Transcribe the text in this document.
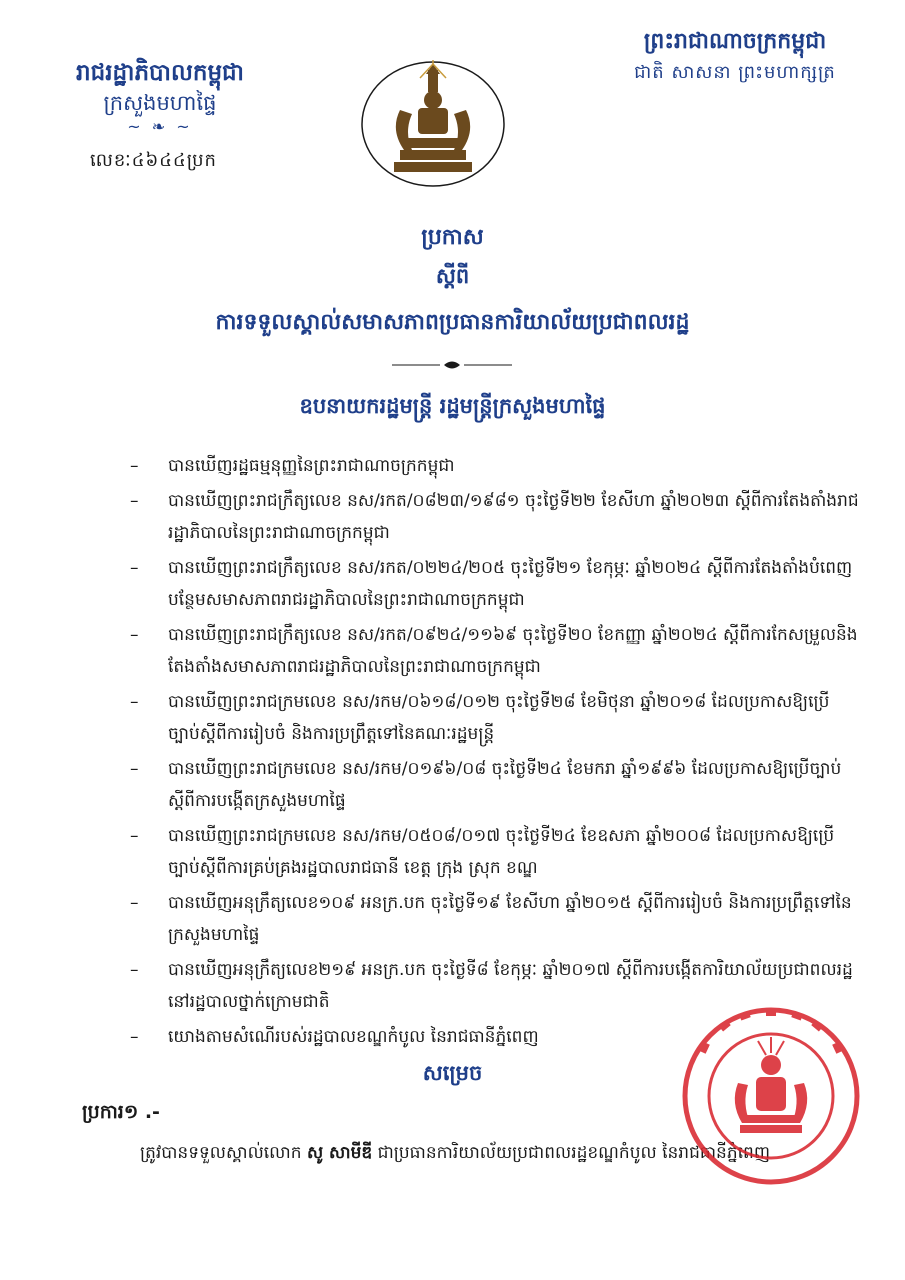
រាជរដ្ឋាភិបាលកម្ពុជា
ក្រសួងមហាផ្ទៃ
~ ❧ ~
លេខៈ៤៦៤៤ប្រក
ព្រះរាជាណាចក្រកម្ពុជា
ជាតិ សាសនា ព្រះមហាក្សត្រ
ប្រកាស
ស្ដីពី
ការទទួលស្គាល់សមាសភាពប្រធានការិយាល័យប្រជាពលរដ្ឋ
ឧបនាយករដ្ឋមន្ត្រី រដ្ឋមន្ត្រីក្រសួងមហាផ្ទៃ
– បានឃើញរដ្ឋធម្មនុញ្ញនៃព្រះរាជាណាចក្រកម្ពុជា
– បានឃើញព្រះរាជក្រឹត្យលេខ នស/រកត/០៨២៣/១៩៨១ ចុះថ្ងៃទី២២ ខែសីហា ឆ្នាំ២០២៣ ស្ដីពីការតែងតាំងរាជរដ្ឋាភិបាលនៃព្រះរាជាណាចក្រកម្ពុជា
– បានឃើញព្រះរាជក្រឹត្យលេខ នស/រកត/០២២៤/២០៥ ចុះថ្ងៃទី២១ ខែកុម្ភៈ ឆ្នាំ២០២៤ ស្ដីពីការតែងតាំងបំពេញបន្ថែមសមាសភាពរាជរដ្ឋាភិបាលនៃព្រះរាជាណាចក្រកម្ពុជា
– បានឃើញព្រះរាជក្រឹត្យលេខ នស/រកត/០៩២៤/១១៦៩ ចុះថ្ងៃទី២០ ខែកញ្ញា ឆ្នាំ២០២៤ ស្ដីពីការកែសម្រួលនិងតែងតាំងសមាសភាពរាជរដ្ឋាភិបាលនៃព្រះរាជាណាចក្រកម្ពុជា
– បានឃើញព្រះរាជក្រមលេខ នស/រកម/០៦១៨/០១២ ចុះថ្ងៃទី២៨ ខែមិថុនា ឆ្នាំ២០១៨ ដែលប្រកាសឱ្យប្រើច្បាប់ស្ដីពីការរៀបចំ និងការប្រព្រឹត្តទៅនៃគណៈរដ្ឋមន្ត្រី
– បានឃើញព្រះរាជក្រមលេខ នស/រកម/០១៩៦/០៨ ចុះថ្ងៃទី២៤ ខែមករា ឆ្នាំ១៩៩៦ ដែលប្រកាសឱ្យប្រើច្បាប់ស្ដីពីការបង្កើតក្រសួងមហាផ្ទៃ
– បានឃើញព្រះរាជក្រមលេខ នស/រកម/០៥០៨/០១៧ ចុះថ្ងៃទី២៤ ខែឧសភា ឆ្នាំ២០០៨ ដែលប្រកាសឱ្យប្រើច្បាប់ស្ដីពីការគ្រប់គ្រងរដ្ឋបាលរាជធានី ខេត្ត ក្រុង ស្រុក ខណ្ឌ
– បានឃើញអនុក្រឹត្យលេខ១០៩ អនក្រ.បក ចុះថ្ងៃទី១៩ ខែសីហា ឆ្នាំ២០១៥ ស្ដីពីការរៀបចំ និងការប្រព្រឹត្តទៅនៃក្រសួងមហាផ្ទៃ
– បានឃើញអនុក្រឹត្យលេខ២១៩ អនក្រ.បក ចុះថ្ងៃទី៨ ខែកុម្ភៈ ឆ្នាំ២០១៧ ស្ដីពីការបង្កើតការិយាល័យប្រជាពលរដ្ឋនៅរដ្ឋបាលថ្នាក់ក្រោមជាតិ
– យោងតាមសំណើរបស់រដ្ឋបាលខណ្ឌកំបូល នៃរាជធានីភ្នំពេញ
សម្រេច
ប្រការ១ .-
ត្រូវបានទទួលស្គាល់លោក សូ សាមីឌី ជាប្រធានការិយាល័យប្រជាពលរដ្ឋខណ្ឌកំបូល នៃរាជធានីភ្នំពេញ
